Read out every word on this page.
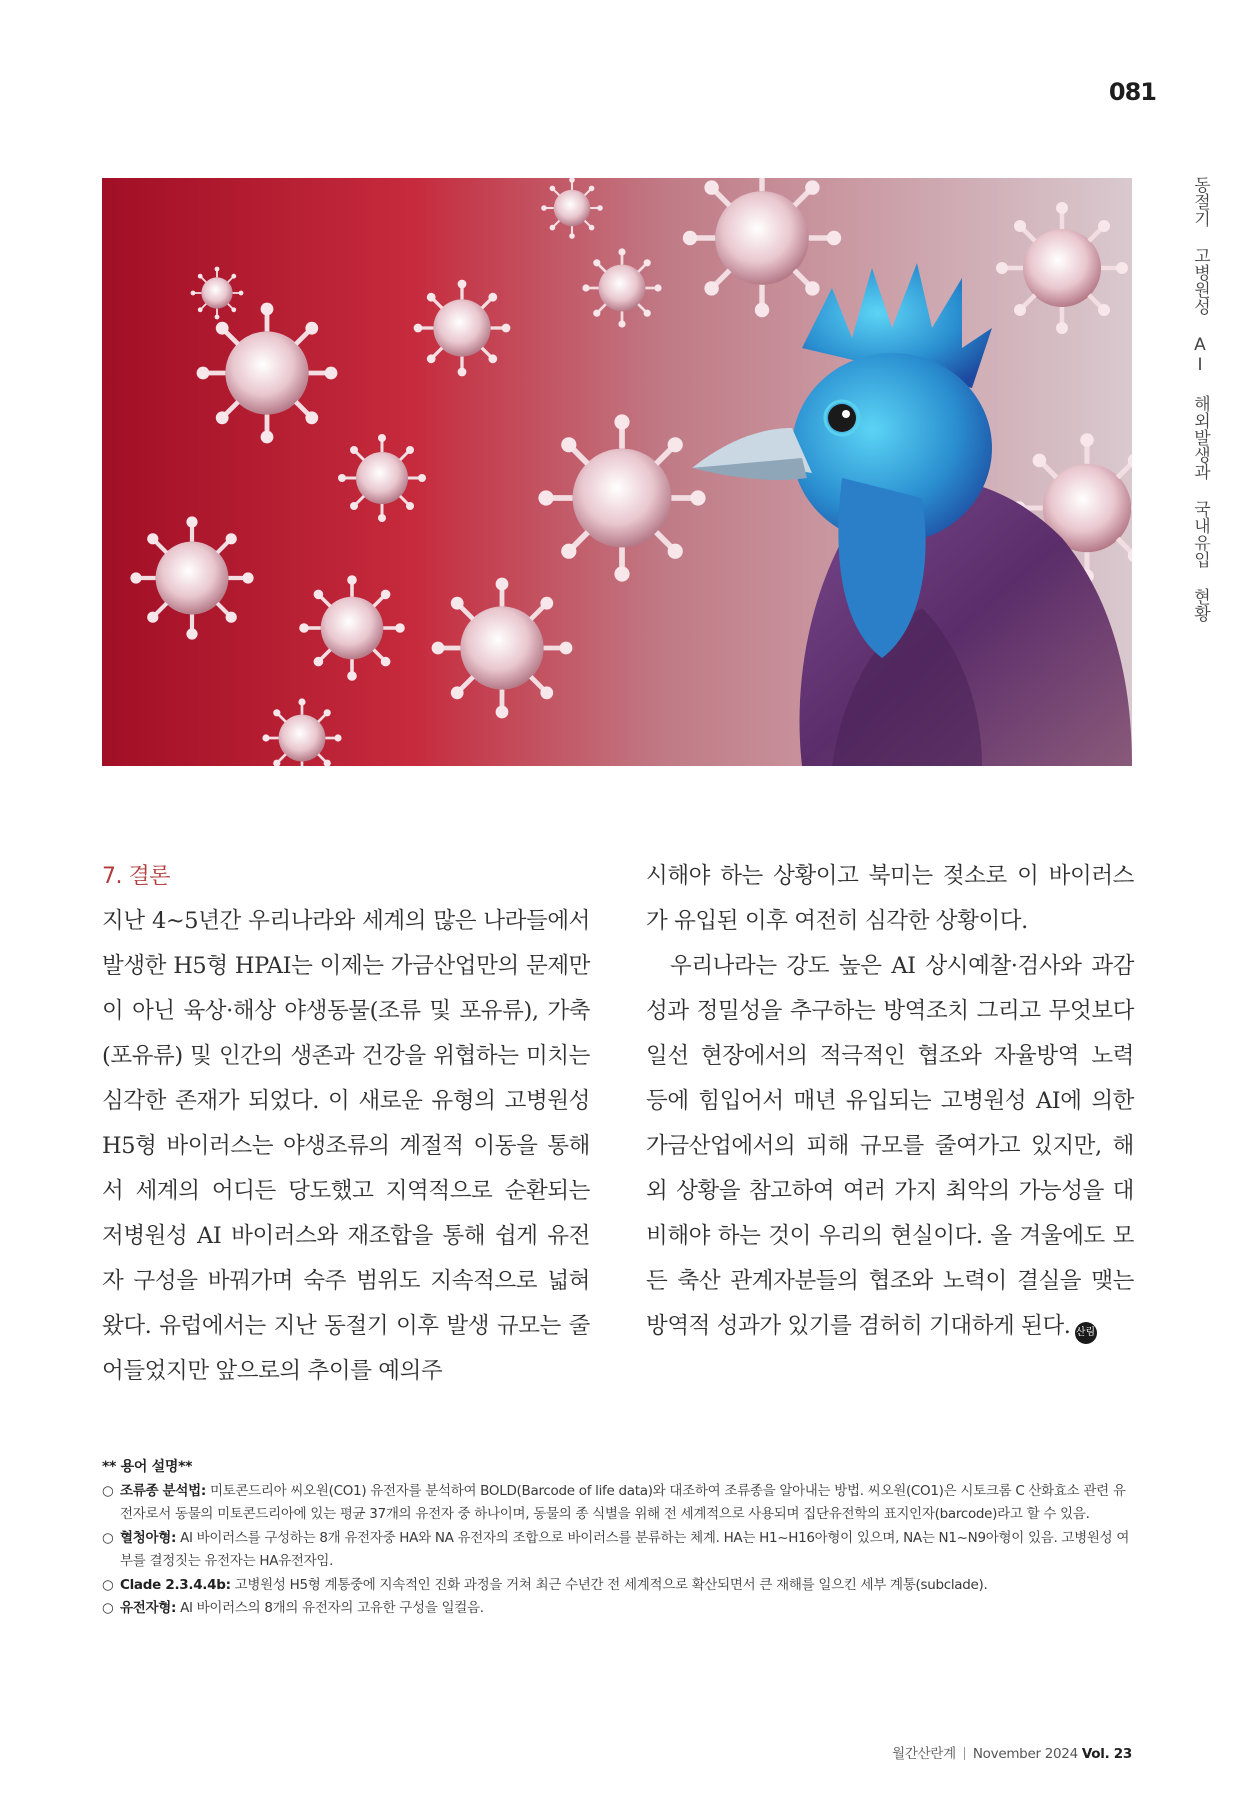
081
동절기 고병원성 AI 해외발생과 국내유입 현황
7. 결론

지난 4~5년간 우리나라와 세계의 많은 나라들에서 발생한 H5형 HPAI는 이제는 가금산업만의 문제만이 아닌 육상·해상 야생동물(조류 및 포유류), 가축(포유류) 및 인간의 생존과 건강을 위협하는 미치는 심각한 존재가 되었다. 이 새로운 유형의 고병원성 H5형 바이러스는 야생조류의 계절적 이동을 통해서 세계의 어디든 당도했고 지역적으로 순환되는 저병원성 AI 바이러스와 재조합을 통해 쉽게 유전자 구성을 바꿔가며 숙주 범위도 지속적으로 넓혀 왔다. 유럽에서는 지난 동절기 이후 발생 규모는 줄어들었지만 앞으로의 추이를 예의주

시해야 하는 상황이고 북미는 젖소로 이 바이러스가 유입된 이후 여전히 심각한 상황이다.

우리나라는 강도 높은 AI 상시예찰·검사와 과감성과 정밀성을 추구하는 방역조치 그리고 무엇보다 일선 현장에서의 적극적인 협조와 자율방역 노력 등에 힘입어서 매년 유입되는 고병원성 AI에 의한 가금산업에서의 피해 규모를 줄여가고 있지만, 해외 상황을 참고하여 여러 가지 최악의 가능성을 대비해야 하는 것이 우리의 현실이다. 올 겨울에도 모든 축산 관계자분들의 협조와 노력이 결실을 맺는 방역적 성과가 있기를 겸허히 기대하게 된다. 산림

** 용어 설명**

○ 조류종 분석법: 미토콘드리아 씨오원(CO1) 유전자를 분석하여 BOLD(Barcode of life data)와 대조하여 조류종을 알아내는 방법. 씨오원(CO1)은 시토크롬 C 산화효소 관련 유전자로서 동물의 미토콘드리아에 있는 평균 37개의 유전자 중 하나이며, 동물의 종 식별을 위해 전 세계적으로 사용되며 집단유전학의 표지인자(barcode)라고 할 수 있음.

○ 혈청아형: AI 바이러스를 구성하는 8개 유전자중 HA와 NA 유전자의 조합으로 바이러스를 분류하는 체계. HA는 H1~H16아형이 있으며, NA는 N1~N9아형이 있음. 고병원성 여부를 결정짓는 유전자는 HA유전자임.

○ Clade 2.3.4.4b: 고병원성 H5형 계통중에 지속적인 진화 과정을 거쳐 최근 수년간 전 세계적으로 확산되면서 큰 재해를 일으킨 세부 계통(subclade).

○ 유전자형: AI 바이러스의 8개의 유전자의 고유한 구성을 일컬음.

월간산란계 November 2024 Vol. 23
